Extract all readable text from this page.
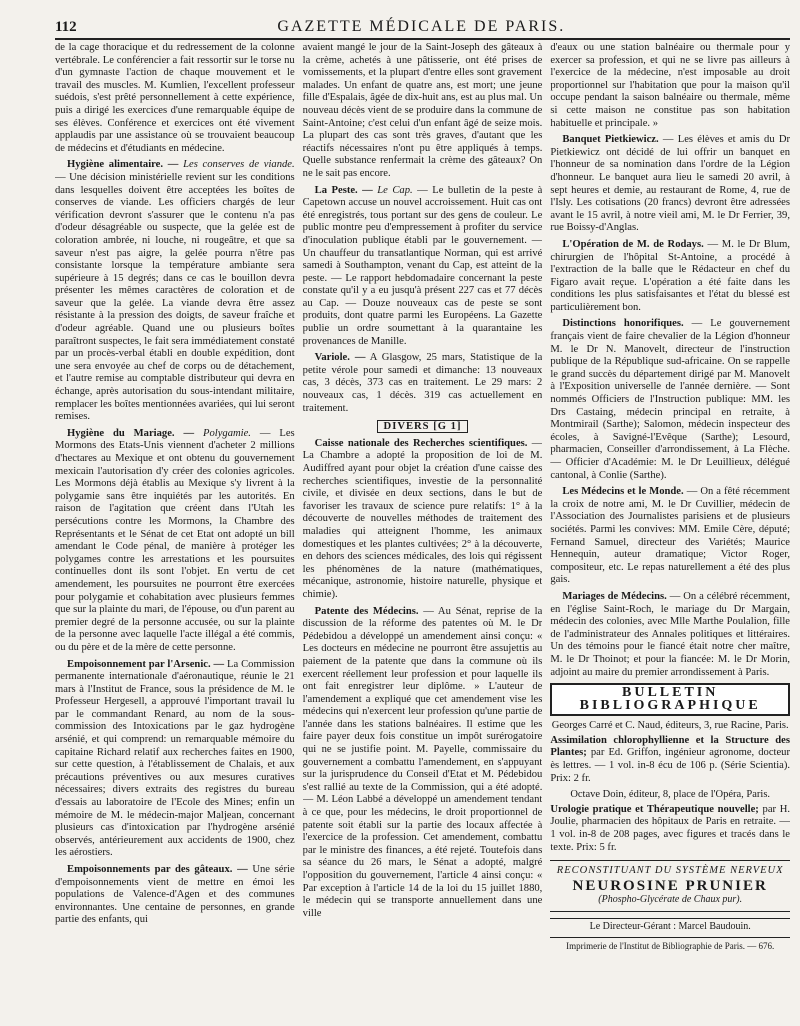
112	GAZETTE MÉDICALE DE PARIS.

de la cage thoracique et du redressement de la colonne vertébrale. Le conférencier a fait ressortir sur le torse nu d'un gymnaste l'action de chaque mouvement et le travail des muscles. M. Kumlien, l'excellent professeur suédois, s'est prêté personnellement à cette expérience, puis a dirigé les exercices d'une remarquable équipe de ses élèves. Conférence et exercices ont été vivement applaudis par une assistance où se trouvaient beaucoup de médecins et d'étudiants en médecine.

Hygiène alimentaire. — Les conserves de viande. — Une décision ministérielle revient sur les conditions dans lesquelles doivent être acceptées les boîtes de conserves de viande. Les officiers chargés de leur vérification devront s'assurer que le contenu n'a pas d'odeur désagréable ou suspecte, que la gelée est de coloration ambrée, ni louche, ni rougeâtre, et que sa saveur n'est pas aigre, la gelée pourra n'être pas consistante lorsque la température ambiante sera supérieure à 15 degrés; dans ce cas le bouillon devra présenter les mêmes caractères de coloration et de saveur que la gelée. La viande devra être assez résistante à la pression des doigts, de saveur fraîche et d'odeur agréable. Quand une ou plusieurs boîtes paraîtront suspectes, le fait sera immédiatement constaté par un procès-verbal établi en double expédition, dont une sera envoyée au chef de corps ou de détachement, et l'autre remise au comptable distributeur qui devra en échange, après autorisation du sous-intendant militaire, remplacer les boîtes mentionnées avariées, qui lui seront remises.

Hygiène du Mariage. — Polygamie. — Les Mormons des Etats-Unis viennent d'acheter 2 millions d'hectares au Mexique et ont obtenu du gouvernement mexicain l'autorisation d'y créer des colonies agricoles. Les Mormons déjà établis au Mexique s'y livrent à la polygamie sans être inquiétés par les autorités. En raison de l'agitation que créent dans l'Utah les persécutions contre les Mormons, la Chambre des Représentants et le Sénat de cet Etat ont adopté un bill amendant le Code pénal, de manière à protéger les polygames contre les arrestations et les poursuites continuelles dont ils sont l'objet. En vertu de cet amendement, les poursuites ne pourront être exercées pour polygamie et cohabitation avec plusieurs femmes que sur la plainte du mari, de l'épouse, ou d'un parent au premier degré de la personne accusée, ou sur la plainte de la personne avec laquelle l'acte illégal a été commis, ou du père et de la mère de cette personne.

Empoisonnement par l'Arsenic. — La Commission permanente internationale d'aéronautique, réunie le 21 mars à l'Institut de France, sous la présidence de M. le Professeur Hergesell, a approuvé l'important travail lu par le commandant Renard, au nom de la sous-commission des Intoxications par le gaz hydrogène arsénié, et qui comprend: un remarquable mémoire du capitaine Richard relatif aux recherches faites en 1900, sur cette question, à l'établissement de Chalais, et aux précautions préventives ou aux mesures curatives nécessaires; divers extraits des registres du bureau d'essais au laboratoire de l'Ecole des Mines; enfin un mémoire de M. le médecin-major Maljean, concernant plusieurs cas d'intoxication par l'hydrogène arsénié observés, antérieurement aux accidents de 1900, chez les aérostiers.

Empoisonnements par des gâteaux. — Une série d'empoisonnements vient de mettre en émoi les populations de Valence-d'Agen et des communes environnantes. Une centaine de personnes, en grande partie des enfants, qui

avaient mangé le jour de la Saint-Joseph des gâteaux à la crème, achetés à une pâtisserie, ont été prises de vomissements, et la plupart d'entre elles sont gravement malades. Un enfant de quatre ans, est mort; une jeune fille d'Espalais, âgée de dix-huit ans, est au plus mal. Un nouveau décès vient de se produire dans la commune de Saint-Antoine; c'est celui d'un enfant âgé de seize mois. La plupart des cas sont très graves, d'autant que les réactifs nécessaires n'ont pu être appliqués à temps. Quelle substance renfermait la crème des gâteaux? On ne le sait pas encore.

La Peste. — Le Cap. — Le bulletin de la peste à Capetown accuse un nouvel accroissement. Huit cas ont été enregistrés, tous portant sur des gens de couleur. Le public montre peu d'empressement à profiter du service d'inoculation publique établi par le gouvernement. — Un chauffeur du transatlantique Norman, qui est arrivé samedi à Southampton, venant du Cap, est atteint de la peste. — Le rapport hebdomadaire concernant la peste constate qu'il y a eu jusqu'à présent 227 cas et 77 décès au Cap. — Douze nouveaux cas de peste se sont produits, dont quatre parmi les Européens. La Gazette publie un ordre soumettant à la quarantaine les provenances de Manille.

Variole. — A Glasgow, 25 mars, Statistique de la petite vérole pour samedi et dimanche: 13 nouveaux cas, 3 décès, 373 cas en traitement. Le 29 mars: 2 nouveaux cas, 1 décès. 319 cas actuellement en traitement.

DIVERS [G 1]

Caisse nationale des Recherches scientifiques. — La Chambre a adopté la proposition de loi de M. Audiffred ayant pour objet la création d'une caisse des recherches scientifiques, investie de la personnalité civile, et divisée en deux sections, dans le but de favoriser les travaux de science pure relatifs: 1° à la découverte de nouvelles méthodes de traitement des maladies qui atteignent l'homme, les animaux domestiques et les plantes cultivées; 2° à la découverte, en dehors des sciences médicales, des lois qui régissent les phénomènes de la nature (mathématiques, mécanique, astronomie, histoire naturelle, physique et chimie).

Patente des Médecins. — Au Sénat, reprise de la discussion de la réforme des patentes où M. le Dr Pédebidou a développé un amendement ainsi conçu: « Les docteurs en médecine ne pourront être assujettis au paiement de la patente que dans la commune où ils exercent réellement leur profession et pour laquelle ils ont fait enregistrer leur diplôme. » L'auteur de l'amendement a expliqué que cet amendement vise les médecins qui n'exercent leur profession qu'une partie de l'année dans les stations balnéaires. Il estime que les faire payer deux fois constitue un impôt surérogatoire qui ne se justifie point. M. Payelle, commissaire du gouvernement a combattu l'amendement, en s'appuyant sur la jurisprudence du Conseil d'Etat et M. Pédebidou s'est rallié au texte de la Commission, qui a été adopté. — M. Léon Labbé a développé un amendement tendant à ce que, pour les médecins, le droit proportionnel de patente soit établi sur la partie des locaux affectée à l'exercice de la profession. Cet amendement, combattu par le ministre des finances, a été rejeté. Toutefois dans sa séance du 26 mars, le Sénat a adopté, malgré l'opposition du gouvernement, l'article 4 ainsi conçu: « Par exception à l'article 14 de la loi du 15 juillet 1880, le médecin qui se transporte annuellement dans une ville

d'eaux ou une station balnéaire ou thermale pour y exercer sa profession, et qui ne se livre pas ailleurs à l'exercice de la médecine, n'est imposable au droit proportionnel sur l'habitation que pour la maison qu'il occupe pendant la saison balnéaire ou thermale, même si cette maison ne constitue pas son habitation habituelle et principale. »

Banquet Pietkiewicz. — Les élèves et amis du Dr Pietkiewicz ont décidé de lui offrir un banquet en l'honneur de sa nomination dans l'ordre de la Légion d'honneur. Le banquet aura lieu le samedi 20 avril, à sept heures et demie, au restaurant de Rome, 4, rue de l'Isly. Les cotisations (20 francs) devront être adressées avant le 15 avril, à notre vieil ami, M. le Dr Ferrier, 39, rue Boissy-d'Anglas.

L'Opération de M. de Rodays. — M. le Dr Blum, chirurgien de l'hôpital St-Antoine, a procédé à l'extraction de la balle que le Rédacteur en chef du Figaro avait reçue. L'opération a été faite dans les conditions les plus satisfaisantes et l'état du blessé est particulièrement bon.

Distinctions honorifiques. — Le gouvernement français vient de faire chevalier de la Légion d'honneur M. le Dr N. Manovelt, directeur de l'instruction publique de la République sud-africaine. On se rappelle le grand succès du département dirigé par M. Manovelt à l'Exposition universelle de l'année dernière. — Sont nommés Officiers de l'Instruction publique: MM. les Drs Castaing, médecin principal en retraite, à Montmirail (Sarthe); Salomon, médecin inspecteur des écoles, à Savigné-l'Evêque (Sarthe); Lesourd, pharmacien, Conseiller d'arrondissement, à La Flèche. — Officier d'Académie: M. le Dr Leuillieux, délégué cantonal, à Conlie (Sarthe).

Les Médecins et le Monde. — On a fêté récemment la croix de notre ami, M. le Dr Cuvillier, médecin de l'Association des Journalistes parisiens et de plusieurs sociétés. Parmi les convives: MM. Emile Cère, député; Fernand Samuel, directeur des Variétés; Maurice Hennequin, auteur dramatique; Victor Roger, compositeur, etc. Le repas naturellement a été des plus gais.

Mariages de Médecins. — On a célébré récemment, en l'église Saint-Roch, le mariage du Dr Margain, médecin des colonies, avec Mlle Marthe Poulalion, fille de l'administrateur des Annales politiques et littéraires. Un des témoins pour le fiancé était notre cher maître, M. le Dr Thoinot; et pour la fiancée: M. le Dr Morin, adjoint au maire du premier arrondissement à Paris.

BULLETIN BIBLIOGRAPHIQUE
Georges Carré et C. Naud, éditeurs, 3, rue Racine, Paris.
Assimilation chlorophyllienne et la Structure des Plantes; par Ed. Griffon, ingénieur agronome, docteur ès lettres. — 1 vol. in-8 écu de 106 p. (Série Scientia). Prix: 2 fr.
Octave Doin, éditeur, 8, place de l'Opéra, Paris.
Urologie pratique et Thérapeutique nouvelle; par H. Joulie, pharmacien des hôpitaux de Paris en retraite. — 1 vol. in-8 de 208 pages, avec figures et tracés dans le texte. Prix: 5 fr.
RECONSTITUANT DU SYSTÈME NERVEUX
NEUROSINE PRUNIER
(Phospho-Glycérate de Chaux pur).
Le Directeur-Gérant : Marcel Baudouin.
Imprimerie de l'Institut de Bibliographie de Paris. — 676.
